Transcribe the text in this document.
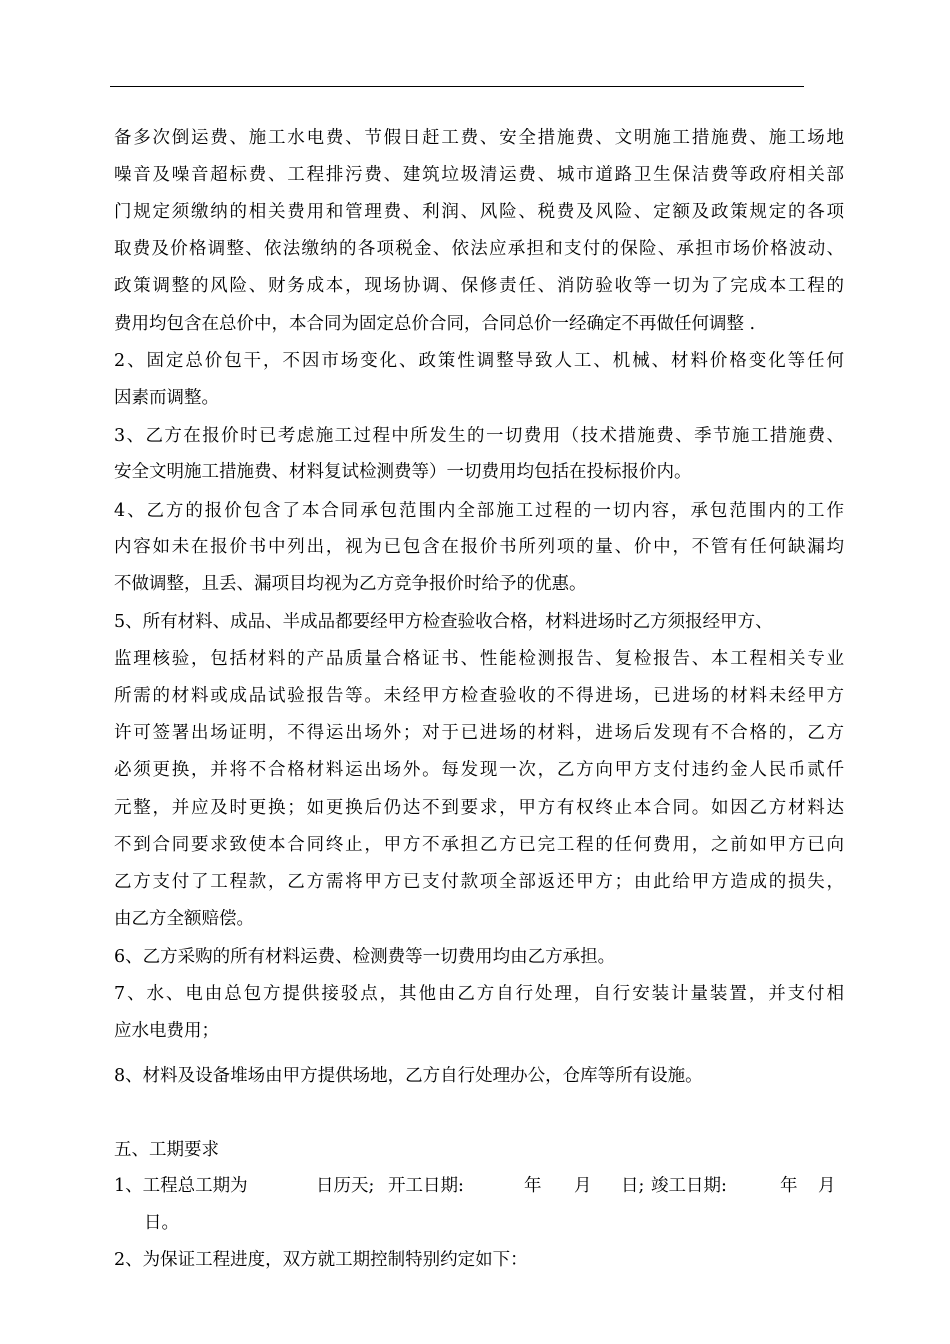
备多次倒运费、施工水电费、节假日赶工费、安全措施费、文明施工措施费、施工场地
噪音及噪音超标费、工程排污费、建筑垃圾清运费、城市道路卫生保洁费等政府相关部
门规定须缴纳的相关费用和管理费、利润、风险、税费及风险、定额及政策规定的各项
取费及价格调整、依法缴纳的各项税金、依法应承担和支付的保险、承担市场价格波动、
政策调整的风险、财务成本，现场协调、保修责任、消防验收等一切为了完成本工程的
费用均包含在总价中，本合同为固定总价合同，合同总价一经确定不再做任何调整 .
2、固定总价包干，不因市场变化、政策性调整导致人工、机械、材料价格变化等任何
因素而调整。
3、乙方在报价时已考虑施工过程中所发生的一切费用（技术措施费、季节施工措施费、
安全文明施工措施费、材料复试检测费等）一切费用均包括在投标报价内。
4、乙方的报价包含了本合同承包范围内全部施工过程的一切内容，承包范围内的工作
内容如未在报价书中列出，视为已包含在报价书所列项的量、价中，不管有任何缺漏均
不做调整，且丢、漏项目均视为乙方竞争报价时给予的优惠。
5、所有材料、成品、半成品都要经甲方检查验收合格，材料进场时乙方须报经甲方、
监理核验，包括材料的产品质量合格证书、性能检测报告、复检报告、本工程相关专业
所需的材料或成品试验报告等。未经甲方检查验收的不得进场，已进场的材料未经甲方
许可签署出场证明，不得运出场外；对于已进场的材料，进场后发现有不合格的，乙方
必须更换，并将不合格材料运出场外。每发现一次，乙方向甲方支付违约金人民币贰仟
元整，并应及时更换；如更换后仍达不到要求，甲方有权终止本合同。如因乙方材料达
不到合同要求致使本合同终止，甲方不承担乙方已完工程的任何费用，之前如甲方已向
乙方支付了工程款，乙方需将甲方已支付款项全部返还甲方；由此给甲方造成的损失，
由乙方全额赔偿。
6、乙方采购的所有材料运费、检测费等一切费用均由乙方承担。
7、水、电由总包方提供接驳点，其他由乙方自行处理，自行安装计量装置，并支付相
应水电费用；
8、材料及设备堆场由甲方提供场地，乙方自行处理办公，仓库等所有设施。
五、工期要求
1、工程总工期为	日历天; 开工日期:	年 月 日; 竣工日期:	年 月
日。
2、为保证工程进度，双方就工期控制特别约定如下：
